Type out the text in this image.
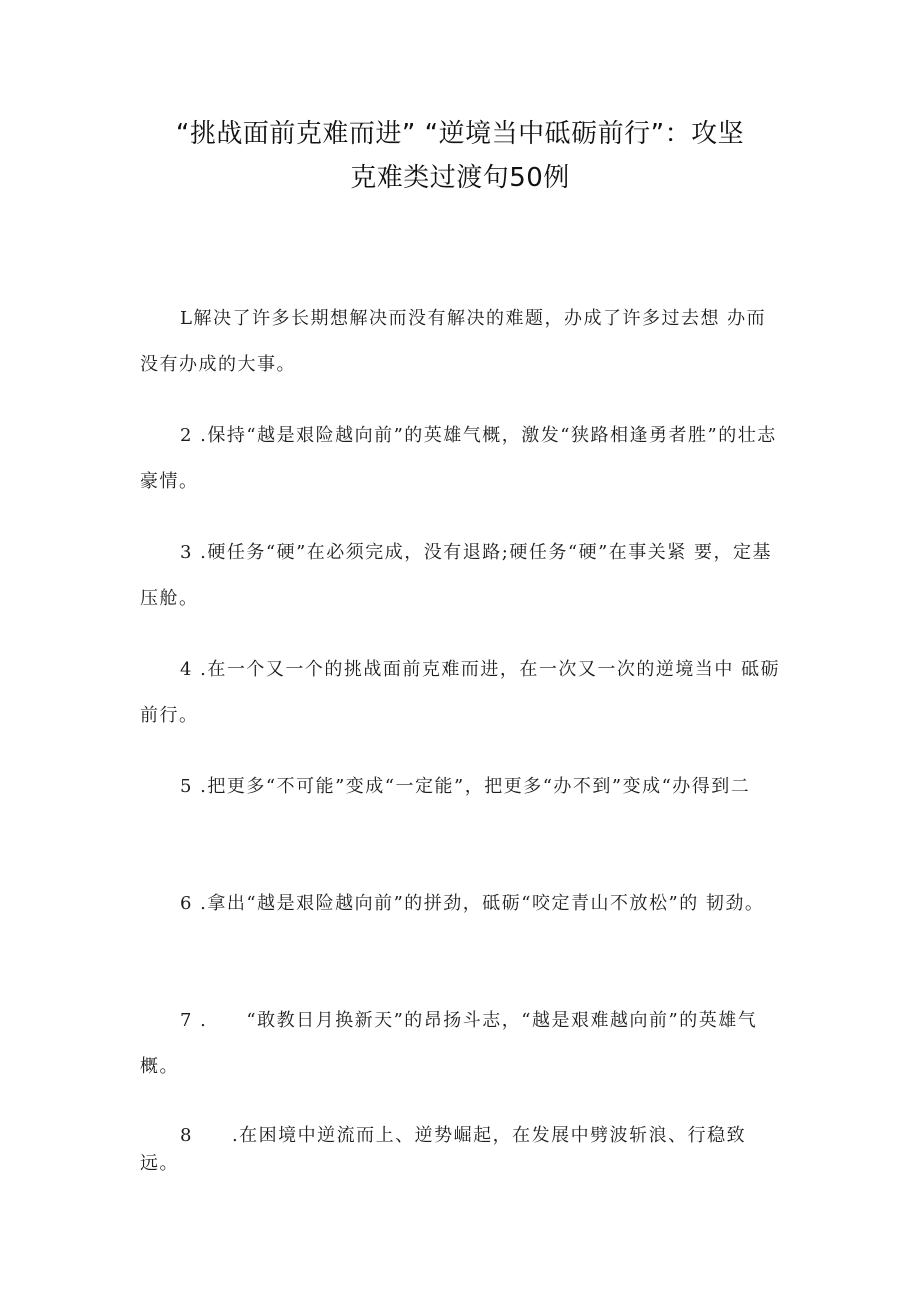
“挑战面前克难而进” “逆境当中砥砺前行”：攻坚
克难类过渡句50例

L解决了许多长期想解决而没有解决的难题，办成了许多过去想 办而没有办成的大事。

2 .保持“越是艰险越向前”的英雄气概，激发“狭路相逢勇者胜”的壮志豪情。

3 .硬任务“硬”在必须完成，没有退路;硬任务“硬”在事关紧 要，定基压舱。

4 .在一个又一个的挑战面前克难而进，在一次又一次的逆境当中 砥砺前行。

5 .把更多“不可能”变成“一定能”，把更多“办不到”变成“办得到二

6 .拿出“越是艰险越向前”的拼劲，砥砺“咬定青山不放松”的 韧劲。

7 .　　“敢教日月换新天”的昂扬斗志，“越是艰难越向前”的英雄气概。

8　　.在困境中逆流而上、逆势崛起，在发展中劈波斩浪、行稳致远。
